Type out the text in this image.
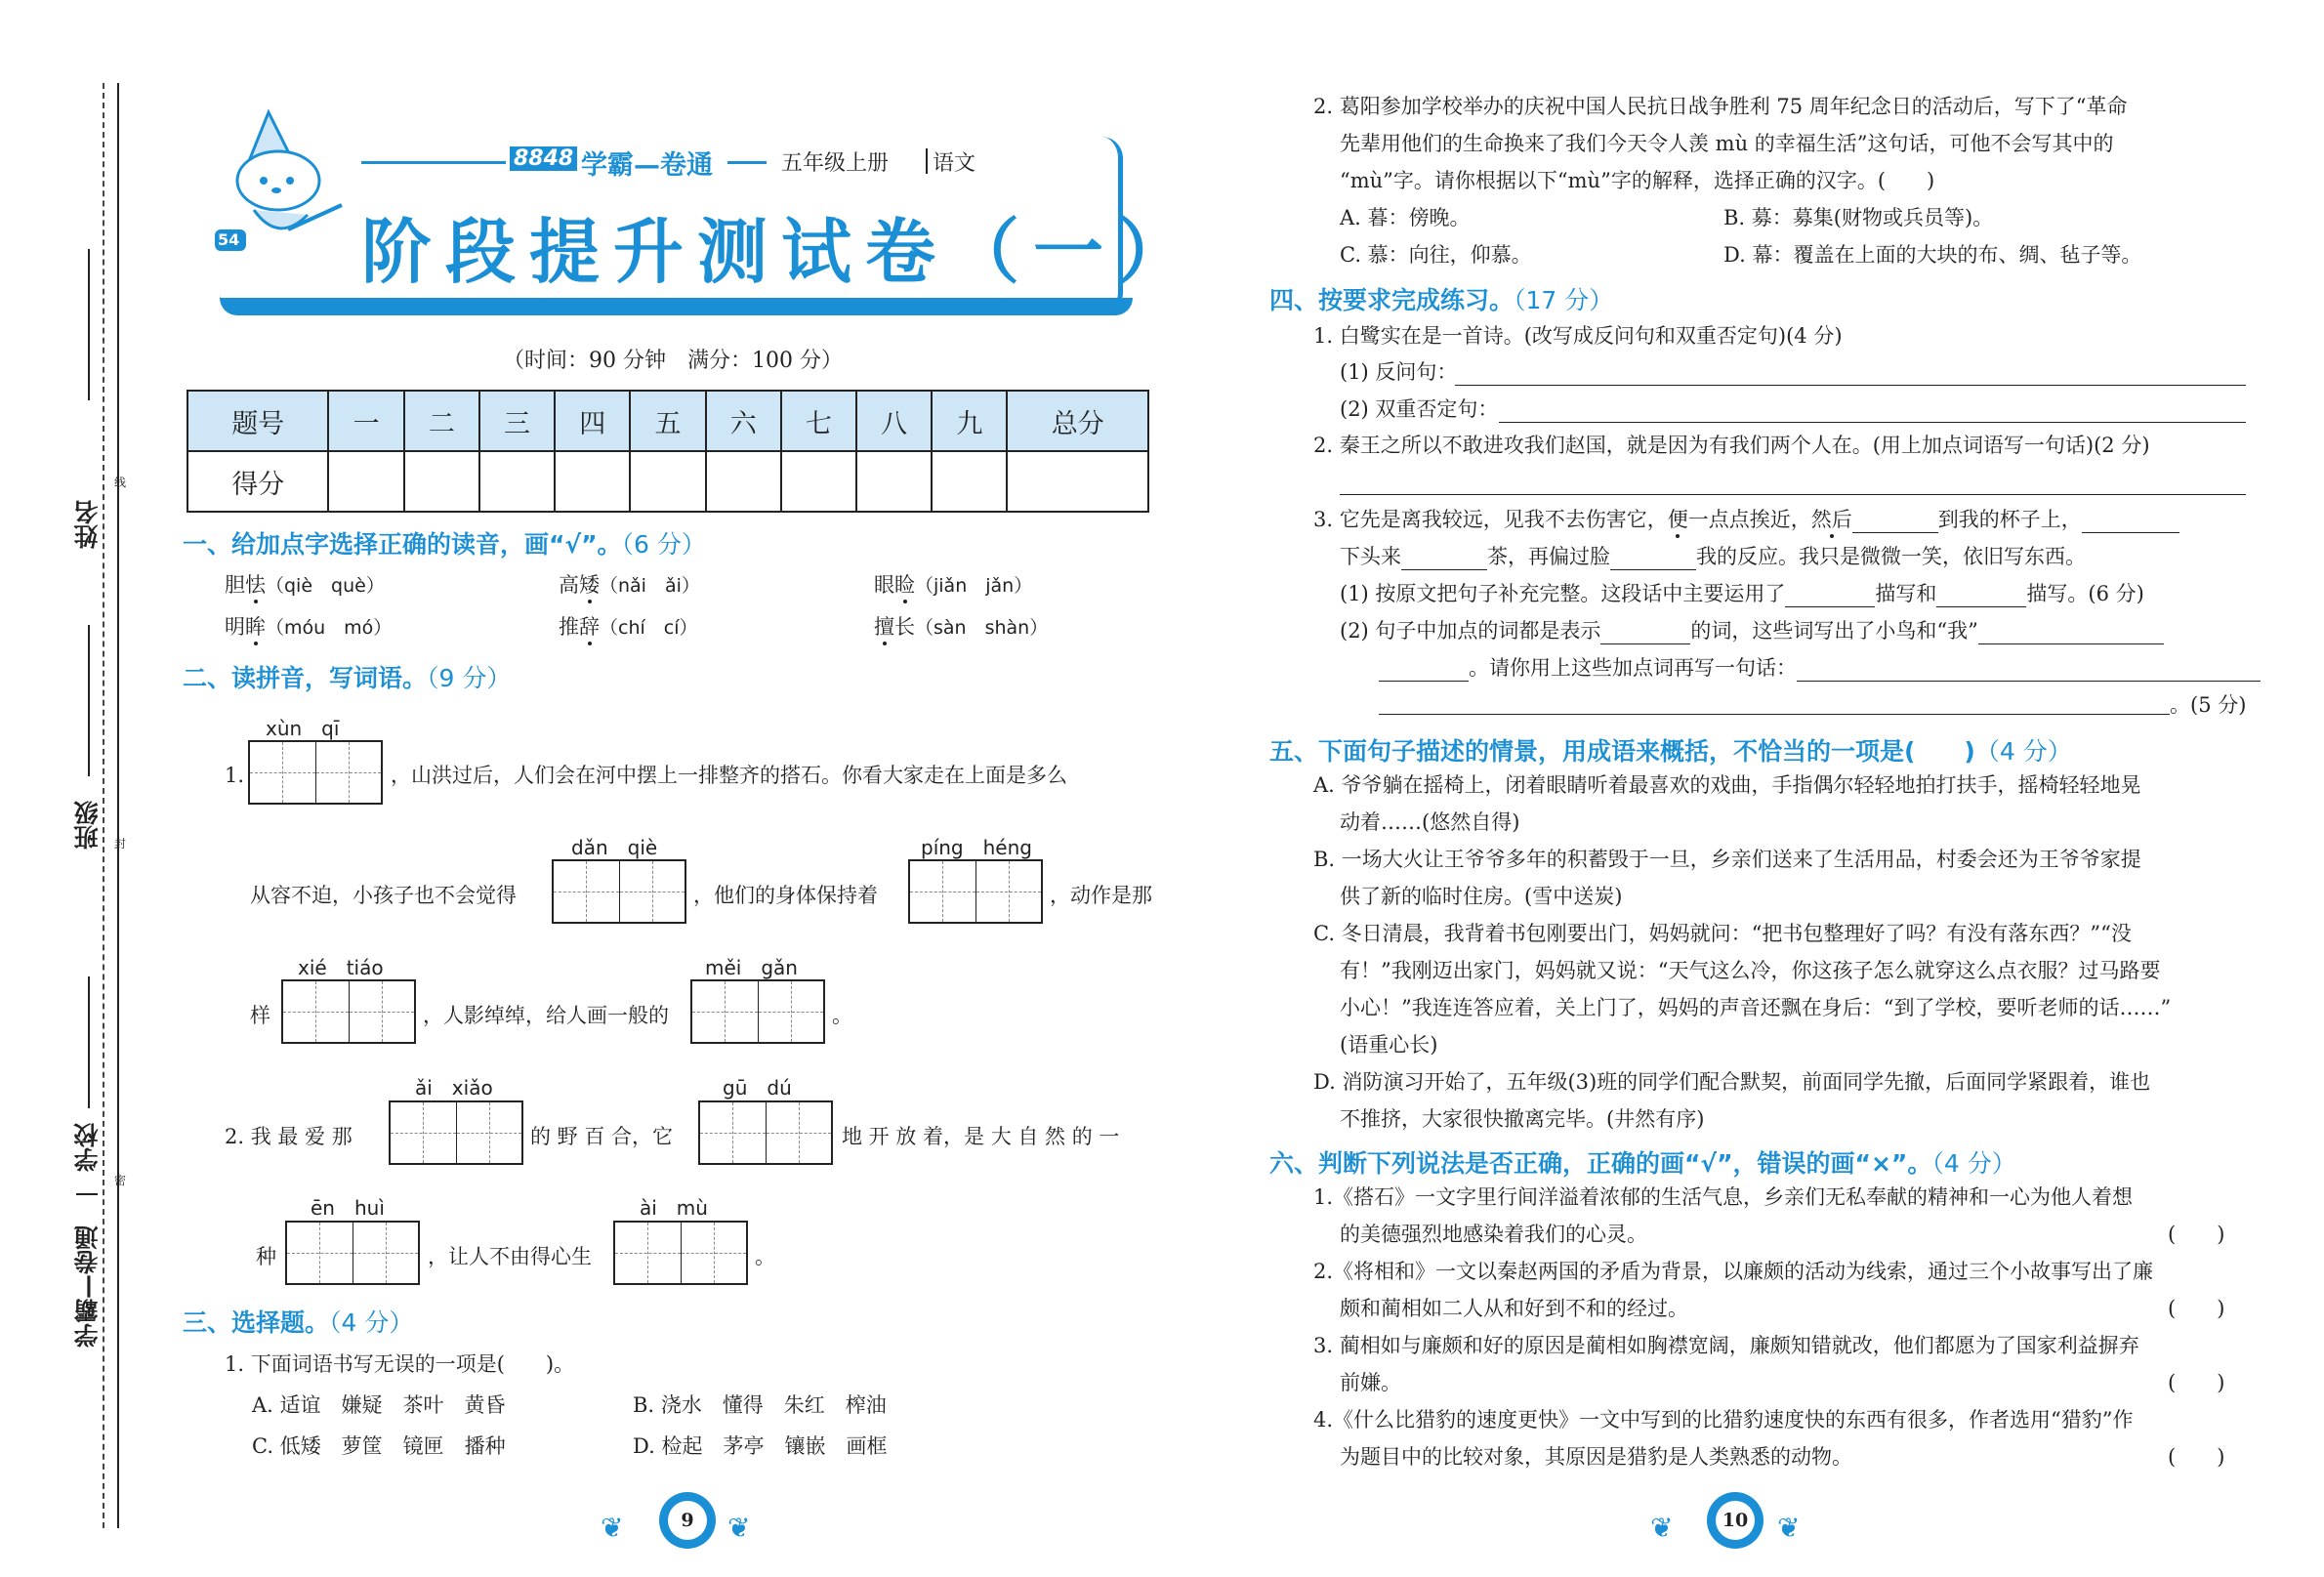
姓名
班级
学校
学霸—卷通
线
封
密
54
8848 学霸—卷通	五年级上册 语文
阶段提升测试卷（一）
（时间：90 分钟　满分：100 分）
题号	一	二	三	四	五	六	七	八	九	总分
得分										
一、给加点字选择正确的读音，画“√”。（6 分）
胆怯（qiè　què）	高矮（nǎi　ǎi）	眼睑（jiǎn　jǎn）
明眸（móu　mó）	推辞（chí　cí）	擅长（sàn　shàn）
二、读拼音，写词语。（9 分）
1.
xùn　qī
，山洪过后，人们会在河中摆上一排整齐的搭石。你看大家走在上面是多么
从容不迫，小孩子也不会觉得
dǎn　qiè
，他们的身体保持着
píng　héng
，动作是那
样
xié　tiáo
，人影绰绰，给人画一般的
měi　gǎn
。
2. 我 最 爱 那
ǎi　xiǎo
的 野 百 合，它
gū　dú
地 开 放 着，是 大 自 然 的 一
种
ēn　huì
，让人不由得心生
ài　mù
。
三、选择题。（4 分）
1. 下面词语书写无误的一项是(　　)。
A. 适谊　嫌疑　茶叶　黄昏	B. 浇水　懂得　朱红　榨油
C. 低矮　萝筐　镜匣　播种	D. 检起　茅亭　镶嵌　画框
2. 葛阳参加学校举办的庆祝中国人民抗日战争胜利 75 周年纪念日的活动后，写下了“革命
先辈用他们的生命换来了我们今天令人羡 mù 的幸福生活”这句话，可他不会写其中的
“mù”字。请你根据以下“mù”字的解释，选择正确的汉字。(　　)
A. 暮：傍晚。	B. 募：募集(财物或兵员等)。
C. 慕：向往，仰慕。	D. 幕：覆盖在上面的大块的布、绸、毡子等。
四、按要求完成练习。（17 分）
1. 白鹭实在是一首诗。(改写成反问句和双重否定句)(4 分)
(1) 反问句：
(2) 双重否定句：
2. 秦王之所以不敢进攻我们赵国，就是因为有我们两个人在。(用上加点词语写一句话)(2 分)
3. 它先是离我较远，见我不去伤害它，便一点点挨近，然后	到我的杯子上，
下头来	茶，再偏过脸	我的反应。我只是微微一笑，依旧写东西。
(1) 按原文把句子补充完整。这段话中主要运用了	描写和	描写。(6 分)
(2) 句子中加点的词都是表示	的词，这些词写出了小鸟和“我”
。请你用上这些加点词再写一句话：
。(5 分)
五、下面句子描述的情景，用成语来概括，不恰当的一项是(　　)（4 分）
A. 爷爷躺在摇椅上，闭着眼睛听着最喜欢的戏曲，手指偶尔轻轻地拍打扶手，摇椅轻轻地晃
动着……(悠然自得)
B. 一场大火让王爷爷多年的积蓄毁于一旦，乡亲们送来了生活用品，村委会还为王爷爷家提
供了新的临时住房。(雪中送炭)
C. 冬日清晨，我背着书包刚要出门，妈妈就问：“把书包整理好了吗？有没有落东西？”“没
有！”我刚迈出家门，妈妈就又说：“天气这么冷，你这孩子怎么就穿这么点衣服？过马路要
小心！”我连连答应着，关上门了，妈妈的声音还飘在身后：“到了学校，要听老师的话……”
(语重心长)
D. 消防演习开始了，五年级(3)班的同学们配合默契，前面同学先撤，后面同学紧跟着，谁也
不推挤，大家很快撤离完毕。(井然有序)
六、判断下列说法是否正确，正确的画“√”，错误的画“×”。（4 分）
1.《搭石》一文字里行间洋溢着浓郁的生活气息，乡亲们无私奉献的精神和一心为他人着想
的美德强烈地感染着我们的心灵。	(　　)
2.《将相和》一文以秦赵两国的矛盾为背景，以廉颇的活动为线索，通过三个小故事写出了廉
颇和蔺相如二人从和好到不和的经过。	(　　)
3. 蔺相如与廉颇和好的原因是蔺相如胸襟宽阔，廉颇知错就改，他们都愿为了国家利益摒弃
前嫌。	(　　)
4.《什么比猎豹的速度更快》一文中写到的比猎豹速度快的东西有很多，作者选用“猎豹”作
为题目中的比较对象，其原因是猎豹是人类熟悉的动物。	(　　)
❦	9	❦	❦	10 ❦
